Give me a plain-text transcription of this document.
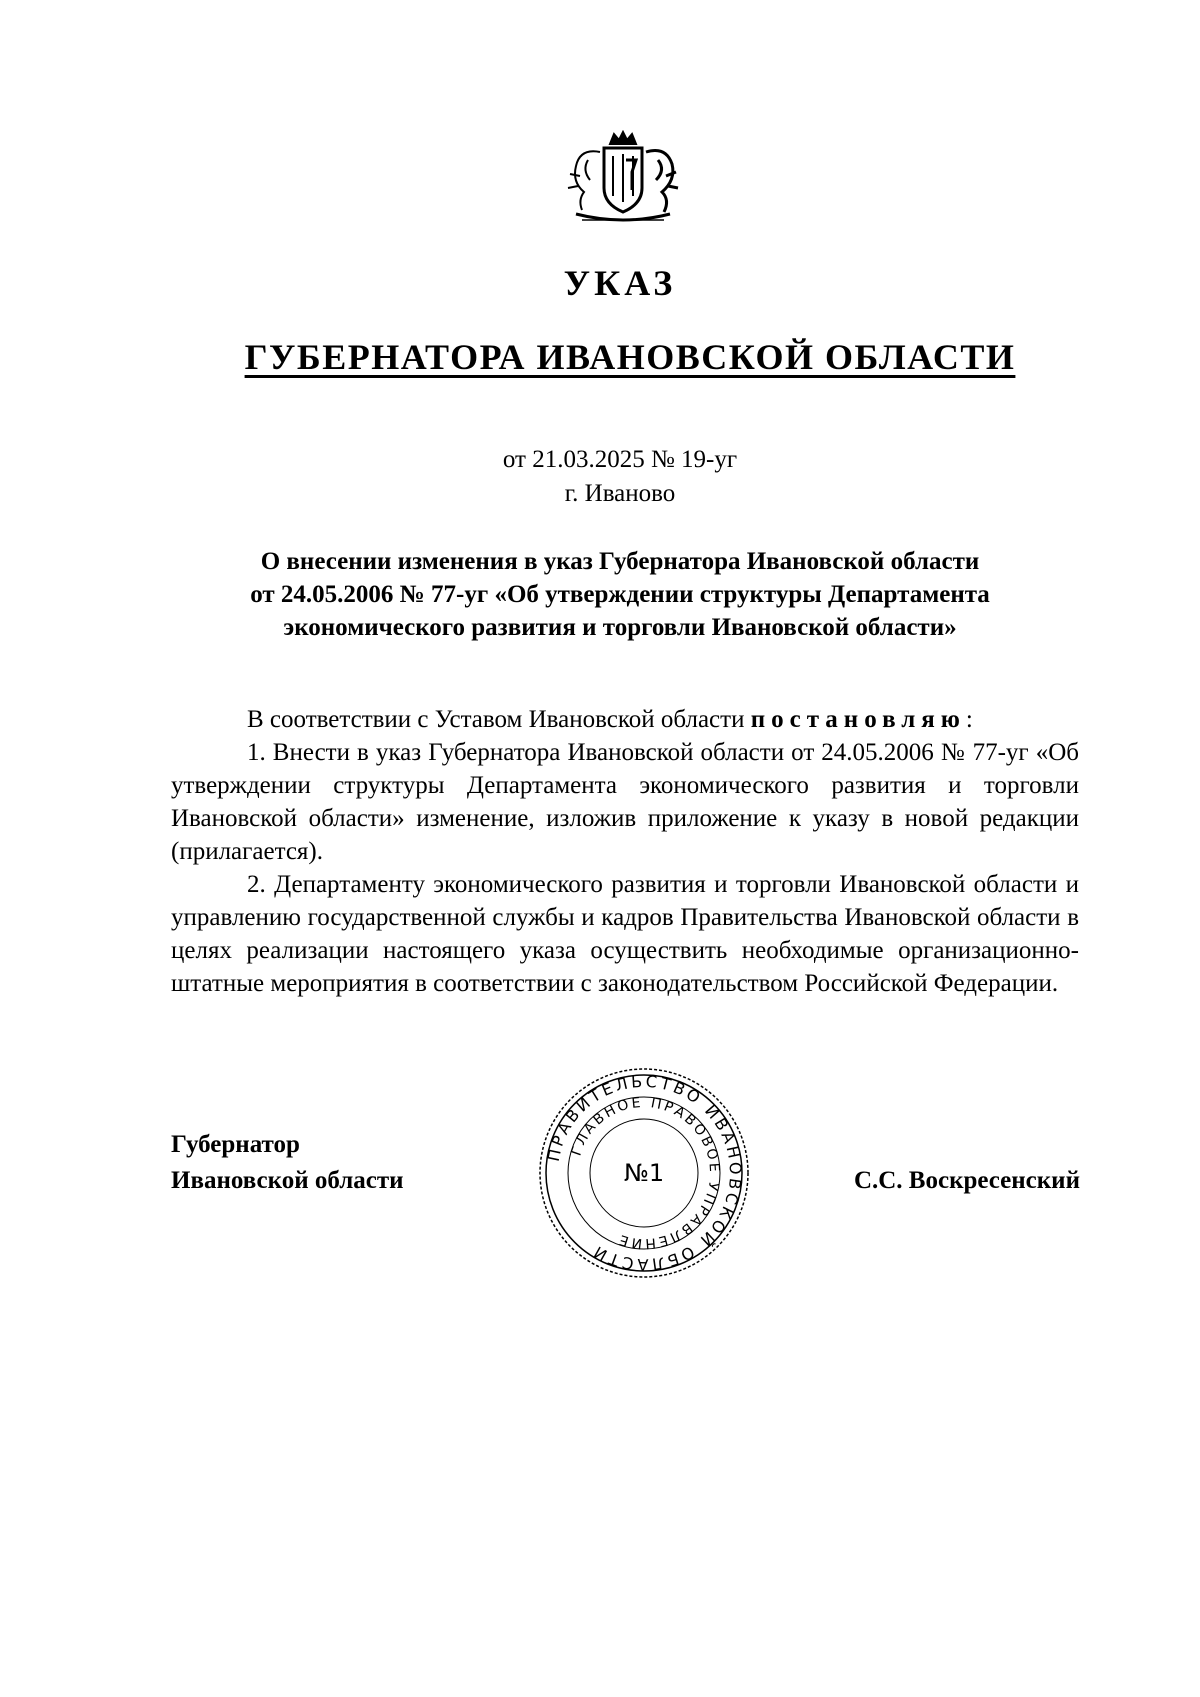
УКАЗ
ГУБЕРНАТОРА ИВАНОВСКОЙ ОБЛАСТИ

от 21.03.2025 № 19-уг

г. Иваново

О внесении изменения в указ Губернатора Ивановской области
от 24.05.2006 № 77-уг «Об утверждении структуры Департамента
экономического развития и торговли Ивановской области»

В соответствии с Уставом Ивановской области постановляю:

1. Внести в указ Губернатора Ивановской области от 24.05.2006 № 77-уг «Об утверждении структуры Департамента экономического развития и торговли Ивановской области» изменение, изложив приложение к указу в новой редакции (прилагается).

2. Департаменту экономического развития и торговли Ивановской области и управлению государственной службы и кадров Правительства Ивановской области в целях реализации настоящего указа осуществить необходимые организационно-штатные мероприятия в соответствии с законодательством Российской Федерации.

Губернатор
Ивановской области
ПРАВИТЕЛЬСТВО ИВАНОВСКОЙ ОБЛАСТИ
ГЛАВНОЕ ПРАВОВОЕ УПРАВЛЕНИЕ
№1	С.С. Воскресенский
